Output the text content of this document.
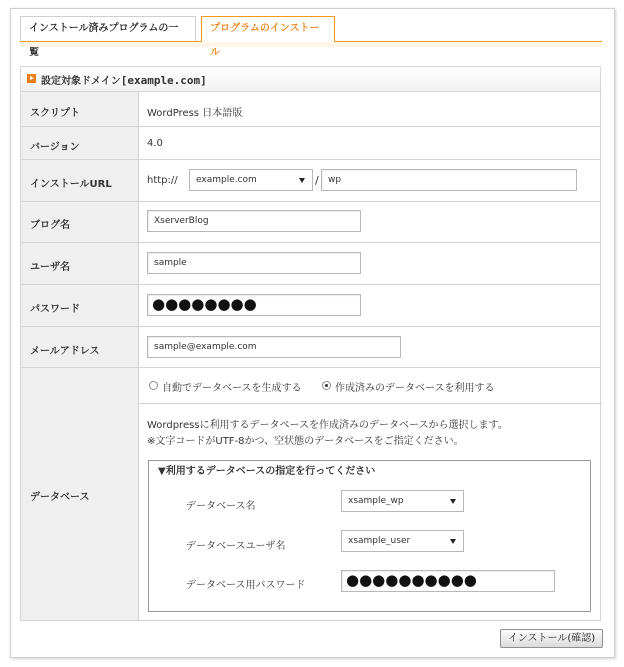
インストール済みプログラムの一覧
プログラムのインストール
設定対象ドメイン[example.com]
スクリプト	WordPress 日本語版
バージョン	4.0
インストールURL	http://	example.com	/	wp
ブログ名	XserverBlog
ユーザ名	sample
パスワード	●●●●●●●●
メールアドレス	sample@example.com
データベース
自動でデータベースを生成する	作成済みのデータベースを利用する
Wordpressに利用するデータベースを作成済みのデータベースから選択します。
※文字コードがUTF-8かつ、空状態のデータベースをご指定ください。
▼利用するデータベースの指定を行ってください
データベース名	xsample_wp
データベースユーザ名	xsample_user
データベース用パスワード	●●●●●●●●●●
インストール(確認)
